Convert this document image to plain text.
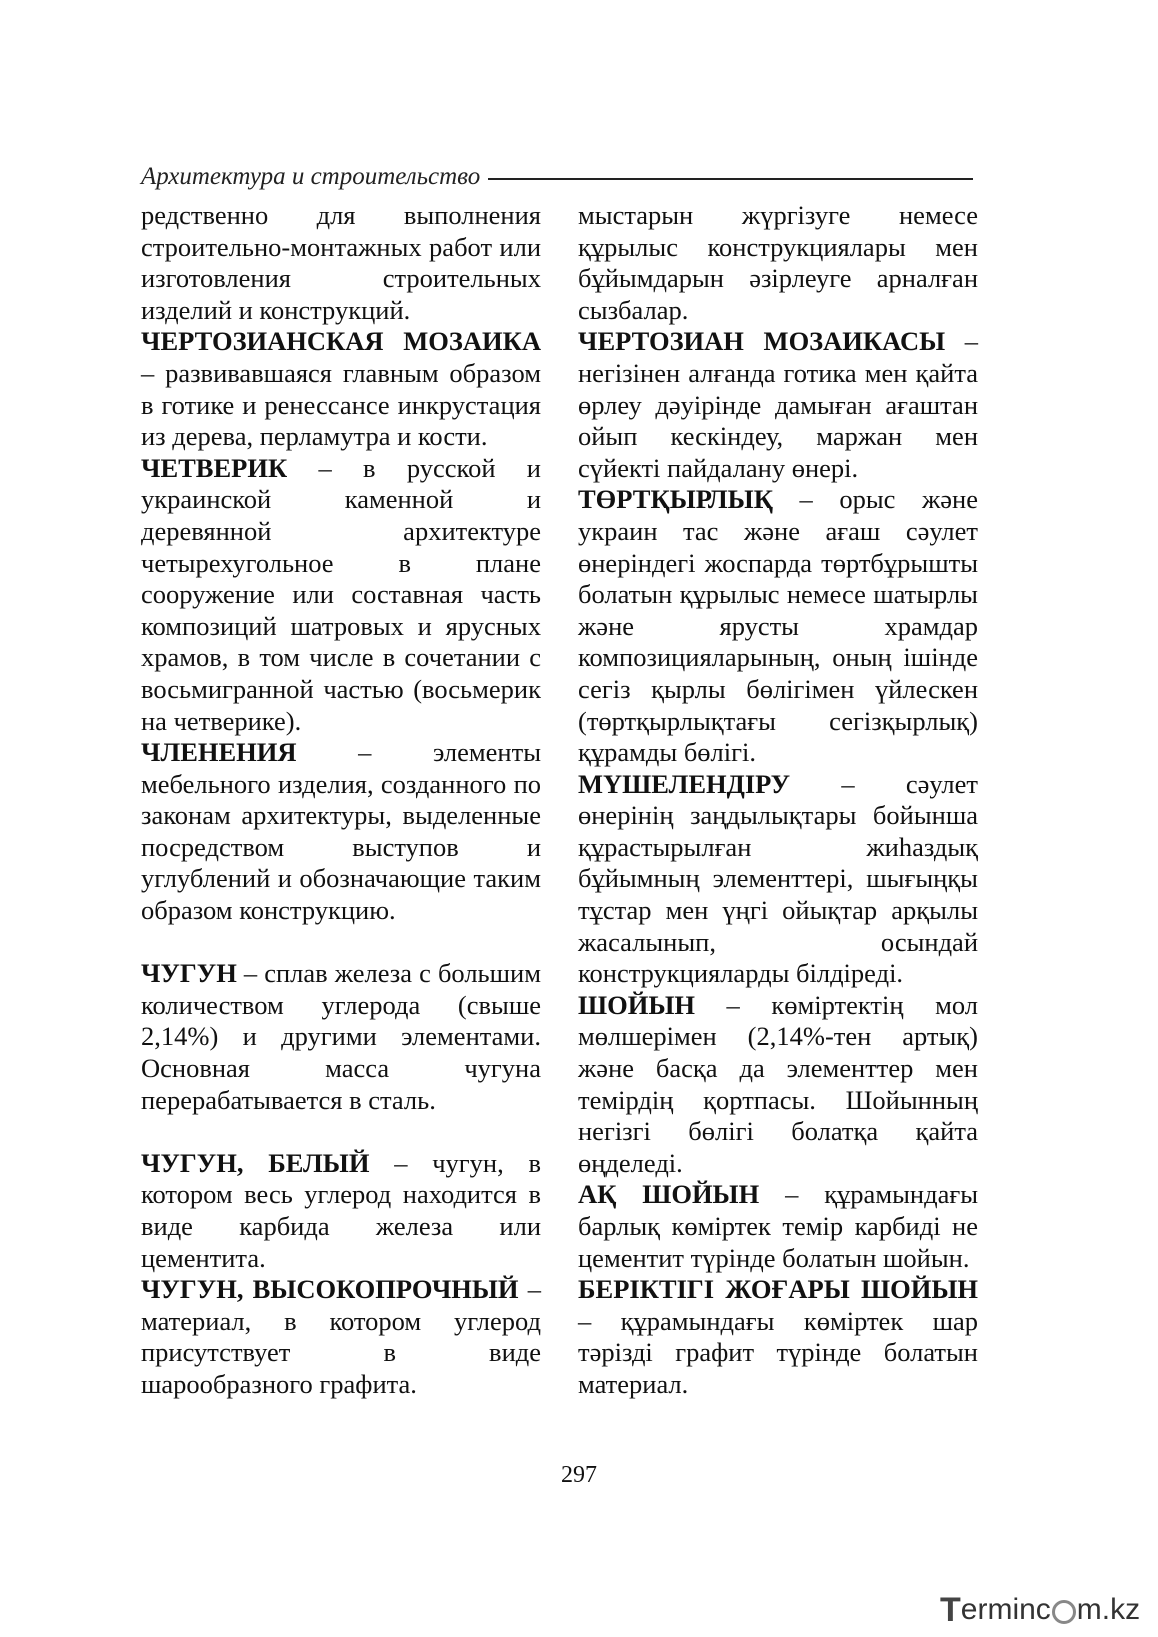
Архитектура и строительство

редственно для выполнения строительно-монтажных работ или изготовления строительных изделий и конструкций.

ЧЕРТОЗИАНСКАЯ МОЗАИКА – развивавшаяся главным образом в готике и ренессансе инкрустация из дерева, перламутра и кости.

ЧЕТВЕРИК – в русской и украинской каменной и деревянной архитектуре четырехугольное в плане сооружение или составная часть композиций шатровых и ярусных храмов, в том числе в сочетании с восьмигранной частью (восьмерик на четверике).

ЧЛЕНЕНИЯ – элементы мебельного изделия, созданного по законам архитектуры, выделенные посредством выступов и углублений и обозначающие таким образом конструкцию.

ЧУГУН – сплав железа с большим количеством углерода (свыше 2,14%) и другими элементами. Основная масса чугуна перерабатывается в сталь.

ЧУГУН, БЕЛЫЙ – чугун, в котором весь углерод находится в виде карбида железа или цементита.

ЧУГУН, ВЫСОКОПРОЧНЫЙ – материал, в котором углерод присутствует в виде шарообразного графита.

мыстарын жүргізуге немесе құрылыс конструкциялары мен бұйымдарын әзірлеуге арналған сызбалар.

ЧЕРТОЗИАН МОЗАИКАСЫ – негізінен алғанда готика мен қайта өрлеу дәуірінде дамыған ағаштан ойып кескіндеу, маржан мен сүйекті пайдалану өнері.

ТӨРТҚЫРЛЫҚ – орыс және украин тас және ағаш сәулет өнеріндегі жоспарда төртбұрышты болатын құрылыс немесе шатырлы және ярусты храмдар композицияларының, оның ішінде сегіз қырлы бөлігімен үйлескен (төртқырлықтағы сегізқырлық) құрамды бөлігі.

МҮШЕЛЕНДІРУ – сәулет өнерінің заңдылықтары бойынша құрастырылған жиһаздық бұйымның элементтері, шығыңқы тұстар мен үңгі ойықтар арқылы жасалынып, осындай конструкцияларды білдіреді.

ШОЙЫН – көміртектің мол мөлшерімен (2,14%-тен артық) және басқа да элементтер мен темірдің қортпасы. Шойынның негізгі бөлігі болатқа қайта өңделеді.

АҚ ШОЙЫН – құрамындағы барлық көміртек темір карбиді не цементит түрінде болатын шойын.

БЕРІКТІГІ ЖОҒАРЫ ШОЙЫН – құрамындағы көміртек шар тәрізді графит түрінде болатын материал.

297
T erminc m.kz
